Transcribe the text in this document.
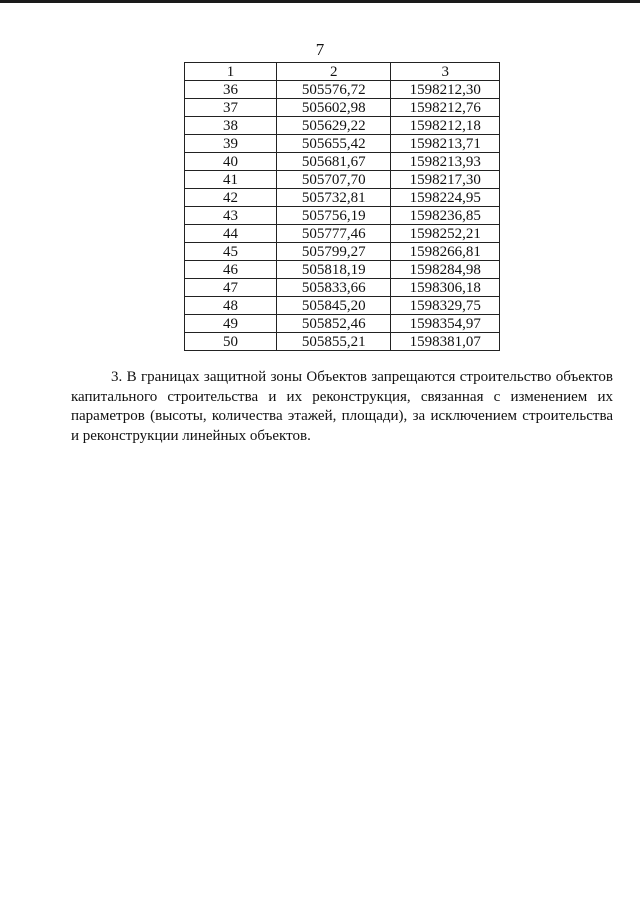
7
1	2	3
36	505576,72	1598212,30
37	505602,98	1598212,76
38	505629,22	1598212,18
39	505655,42	1598213,71
40	505681,67	1598213,93
41	505707,70	1598217,30
42	505732,81	1598224,95
43	505756,19	1598236,85
44	505777,46	1598252,21
45	505799,27	1598266,81
46	505818,19	1598284,98
47	505833,66	1598306,18
48	505845,20	1598329,75
49	505852,46	1598354,97
50	505855,21	1598381,07

3. В границах защитной зоны Объектов запрещаются строительство объектов капитального строительства и их реконструкция, связанная с изменением их параметров (высоты, количества этажей, площади), за исключением строительства и реконструкции линейных объектов.
